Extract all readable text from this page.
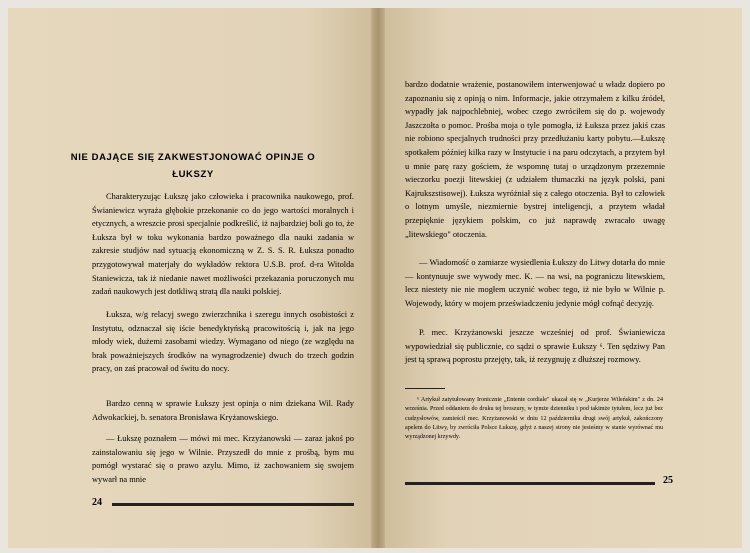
NIE DAJĄCE SIĘ ZAKWESTJONOWAĆ OPINJE O ŁUKSZY

Charakteryzując Łukszę jako człowieka i pracownika naukowego, prof. Świaniewicz wyraża głębokie przekonanie co do jego wartości moralnych i etycznych, a wreszcie prosi specjalnie podkreślić, iż najbardziej boli go to, że Łuksza był w toku wykonania bardzo poważnego dla nauki zadania w zakresie studjów nad sytuacją ekonomiczną w Z. S. S. R. Łuksza ponadto przygotowywał materjały do wykładów rektora U.S.B. prof. d-ra Witolda Staniewicza, tak iż niedanie nawet możliwości przekazania poruczonych mu zadań naukowych jest dotkliwą stratą dla nauki polskiej.

Łuksza, w/g relacyj swego zwierzchnika i szeregu innych osobistości z Instytutu, odznaczał się iście benedyktyńską pracowitością i, jak na jego młody wiek, dużemi zasobami wiedzy. Wymagano od niego (ze względu na brak poważniejszych środków na wynagrodzenie) dwuch do trzech godzin pracy, on zaś pracował od świtu do nocy.

Bardzo cenną w sprawie Łukszy jest opinja o nim dziekana Wil. Rady Adwokackiej, b. senatora Bronisława Kryżanowskiego.

— Łukszę poznałem — mówi mi mec. Krzyżanowski — zaraz jakoś po zainstalowaniu się jego w Wilnie. Przyszedł do mnie z prośbą, bym mu pomógł wystarać się o prawo azylu. Mimo, iż zachowaniem się swojem wywarł na mnie

24

bardzo dodatnie wrażenie, postanowiłem interwenjować u władz dopiero po zapoznaniu się z opinją o nim. Informacje, jakie otrzymałem z kilku źródeł, wypadły jak najpochlebniej, wobec czego zwróciłem się do p. wojewody Jaszczołta o pomoc. Prośba moja o tyle pomogła, iż Łuksza przez jakiś czas nie robiono specjalnych trudności przy przedłużaniu karty pobytu.—Łukszę spotkałem później kilka razy w Instytucie i na paru odczytach, a przytem był u mnie parę razy gościem, że wspomnę tutaj o urządzonym przezemnie wieczorku poezji litewskiej (z udziałem tłumaczki na język polski, pani Kajrukszstisowej). Łuksza wyróżniał się z całego otoczenia. Był to człowiek o lotnym umyśle, niezmiernie bystrej inteligencji, a przytem władał przepięknie językiem polskim, co już naprawdę zwracało uwagę „litewskiego" otoczenia.

— Wiadomość o zamiarze wysiedlenia Łukszy do Litwy dotarła do mnie — kontynuuje swe wywody mec. K. — na wsi, na pograniczu litewskiem, lecz niestety nie nie mogłem uczynić wobec tego, iż nie było w Wilnie p. Wojewody, który w mojem przeświadczeniu jedynie mógł cofnąć decyzję.

P. mec. Krzyżanowski jeszcze wcześniej od prof. Świaniewicza wypowiedział się publicznie, co sądzi o sprawie Łukszy ⁶. Ten sędziwy Pan jest tą sprawą poprostu przejęty, tak, iż rezygnuję z dłuższej rozmowy.

⁶ Artykuł zatytułowany Ironicznie „Entente cordiale" ukazał się w „Kurjerze Wileńskim" z dn. 24 września. Przed oddaniem do druku tej broszury, w tymże dzienniku i pod takimże tytułem, lecz już bez cudzysłowów, zamieścił mec. Krzyżanowski w dniu 12 października drugi swój artykuł, zakończony apelem do Litwy, by zwróciła Polsce Łukszę, gdyż z naszej strony nie jesteśmy w stanie wyrównać mu wyrządzonej krzywdy.

25
